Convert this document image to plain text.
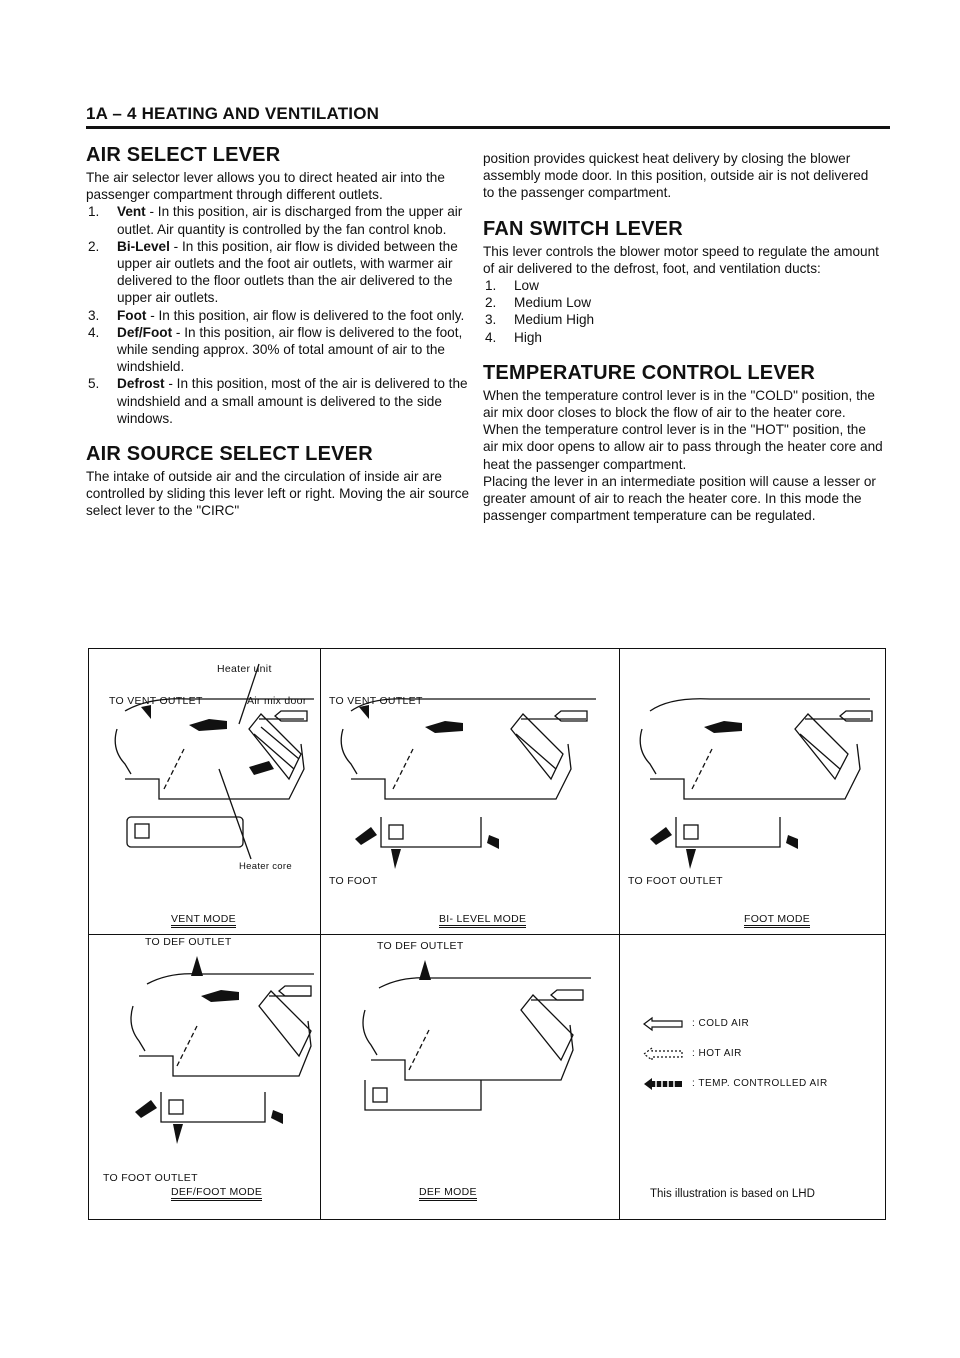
1A – 4 HEATING AND VENTILATION
AIR SELECT LEVER

The air selector lever allows you to direct heated air into the passenger compartment through different outlets.

1. Vent - In this position, air is discharged from the upper air outlet. Air quantity is controlled by the fan control knob.
2. Bi-Level - In this position, air flow is divided between the upper air outlets and the foot air outlets, with warmer air delivered to the floor outlets than the air delivered to the upper air outlets.
3. Foot - In this position, air flow is delivered to the foot only.
4. Def/Foot - In this position, air flow is delivered to the foot, while sending approx. 30% of total amount of air to the windshield.
5. Defrost - In this position, most of the air is delivered to the windshield and a small amount is delivered to the side windows.
AIR SOURCE SELECT LEVER

The intake of outside air and the circulation of inside air are controlled by sliding this lever left or right. Moving the air source select lever to the "CIRC"

position provides quickest heat delivery by closing the blower assembly mode door. In this position, outside air is not delivered to the passenger compartment.

FAN SWITCH LEVER

This lever controls the blower motor speed to regulate the amount of air delivered to the defrost, foot, and ventilation ducts:

1. Low
2. Medium Low
3. Medium High
4. High
TEMPERATURE CONTROL LEVER

When the temperature control lever is in the "COLD" position, the air mix door closes to block the flow of air to the heater core.

When the temperature control lever is in the "HOT" position, the air mix door opens to allow air to pass through the heater core and heat the passenger compartment.

Placing the lever in an intermediate position will cause a lesser or greater amount of air to reach the heater core. In this mode the passenger compartment temperature can be regulated.

Heater unit
TO VENT OUTLET	Air mix door
Heater core
VENT MODE
TO VENT OUTLET
TO FOOT
BI- LEVEL MODE
TO FOOT OUTLET
FOOT MODE
TO DEF OUTLET
TO FOOT OUTLET
DEF/FOOT MODE
TO DEF OUTLET
DEF MODE
: COLD AIR
: HOT AIR
: TEMP. CONTROLLED AIR
This illustration is based on LHD
